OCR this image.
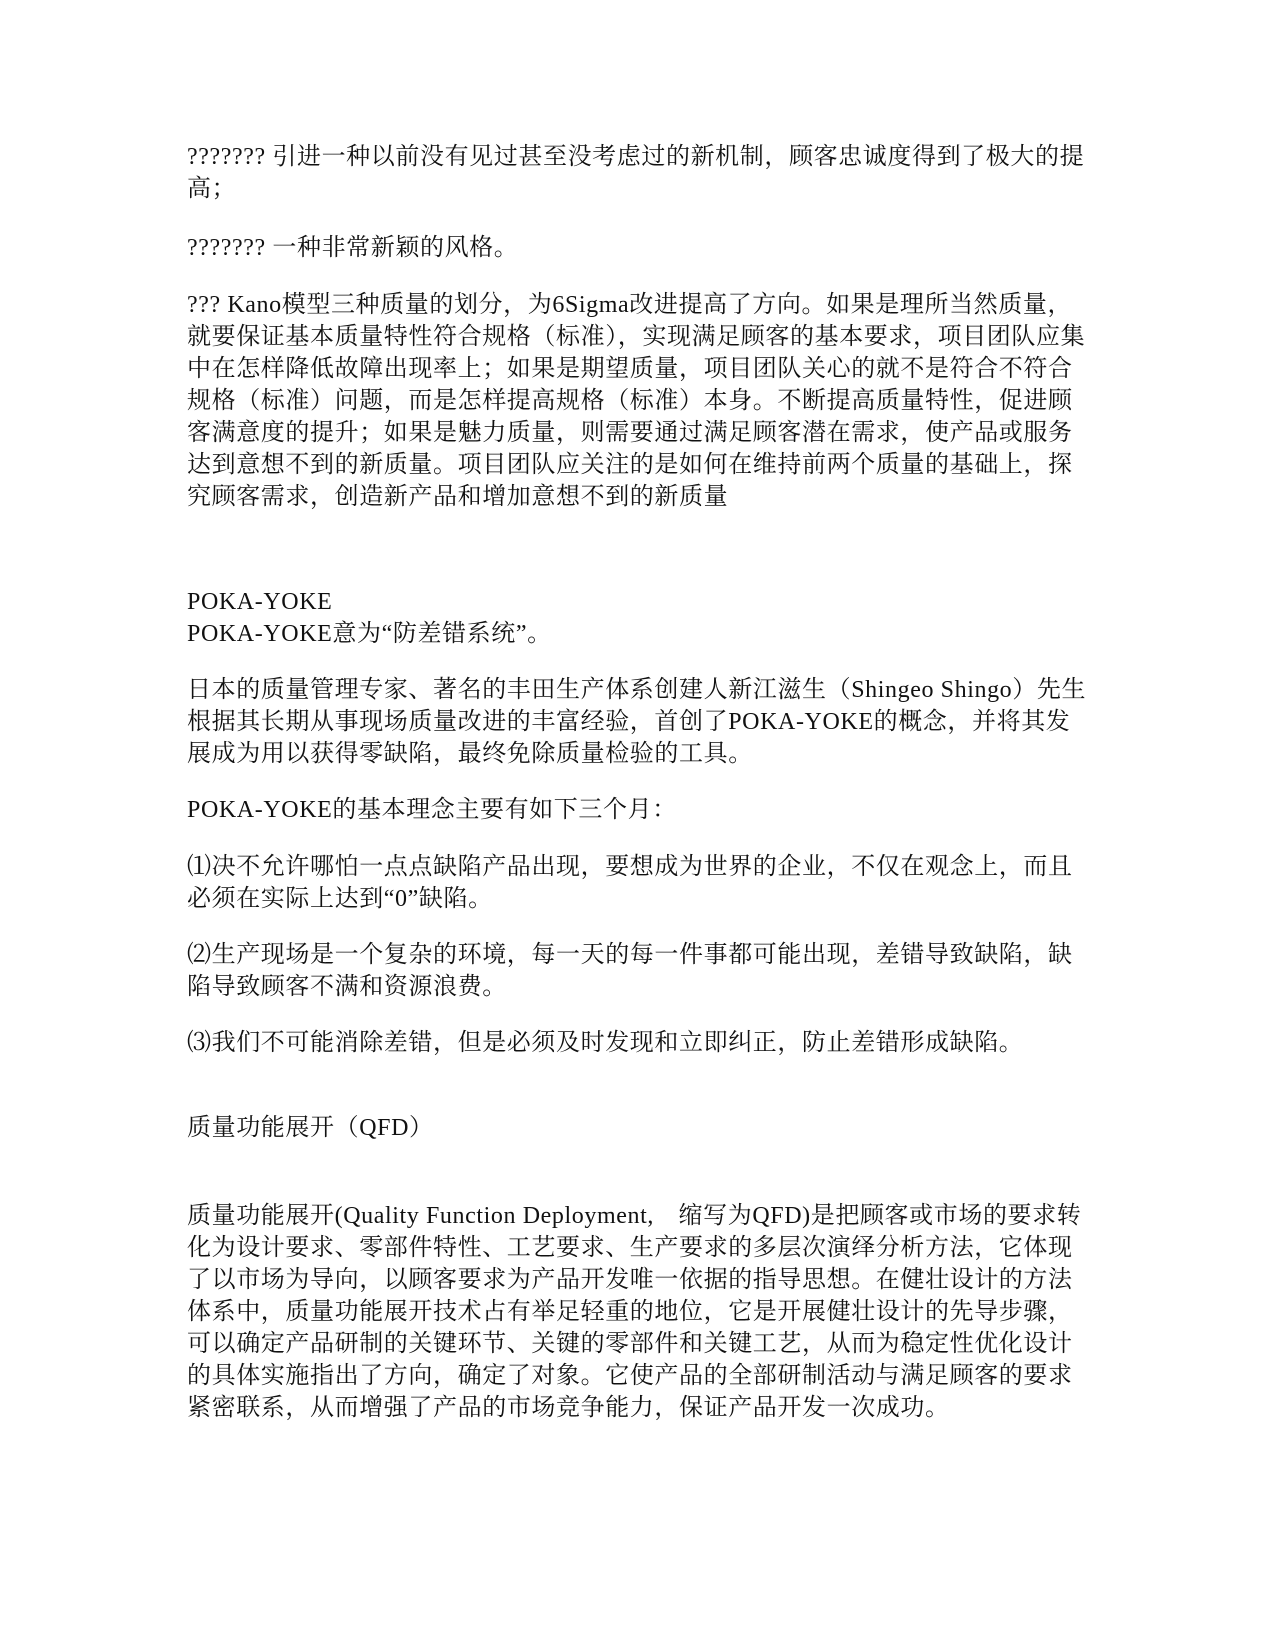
??????? 引进一种以前没有见过甚至没考虑过的新机制，顾客忠诚度得到了极大的提高；

??????? 一种非常新颖的风格。

??? Kano模型三种质量的划分，为6Sigma改进提高了方向。如果是理所当然质量，就要保证基本质量特性符合规格（标准），实现满足顾客的基本要求，项目团队应集中在怎样降低故障出现率上；如果是期望质量，项目团队关心的就不是符合不符合规格（标准）问题，而是怎样提高规格（标准）本身。不断提高质量特性，促进顾客满意度的提升；如果是魅力质量，则需要通过满足顾客潜在需求，使产品或服务达到意想不到的新质量。项目团队应关注的是如何在维持前两个质量的基础上，探究顾客需求，创造新产品和增加意想不到的新质量

POKA-YOKE

POKA-YOKE意为“防差错系统”。

日本的质量管理专家、著名的丰田生产体系创建人新江滋生（Shingeo Shingo）先生根据其长期从事现场质量改进的丰富经验，首创了POKA-YOKE的概念，并将其发展成为用以获得零缺陷，最终免除质量检验的工具。

POKA-YOKE的基本理念主要有如下三个月：

⑴决不允许哪怕一点点缺陷产品出现，要想成为世界的企业，不仅在观念上，而且必须在实际上达到“0”缺陷。

⑵生产现场是一个复杂的环境，每一天的每一件事都可能出现，差错导致缺陷，缺陷导致顾客不满和资源浪费。

⑶我们不可能消除差错，但是必须及时发现和立即纠正，防止差错形成缺陷。

质量功能展开（QFD）

质量功能展开(Quality Function Deployment,　缩写为QFD)是把顾客或市场的要求转化为设计要求、零部件特性、工艺要求、生产要求的多层次演绎分析方法，它体现了以市场为导向，以顾客要求为产品开发唯一依据的指导思想。在健壮设计的方法体系中，质量功能展开技术占有举足轻重的地位，它是开展健壮设计的先导步骤，可以确定产品研制的关键环节、关键的零部件和关键工艺，从而为稳定性优化设计的具体实施指出了方向，确定了对象。它使产品的全部研制活动与满足顾客的要求紧密联系，从而增强了产品的市场竞争能力，保证产品开发一次成功。
